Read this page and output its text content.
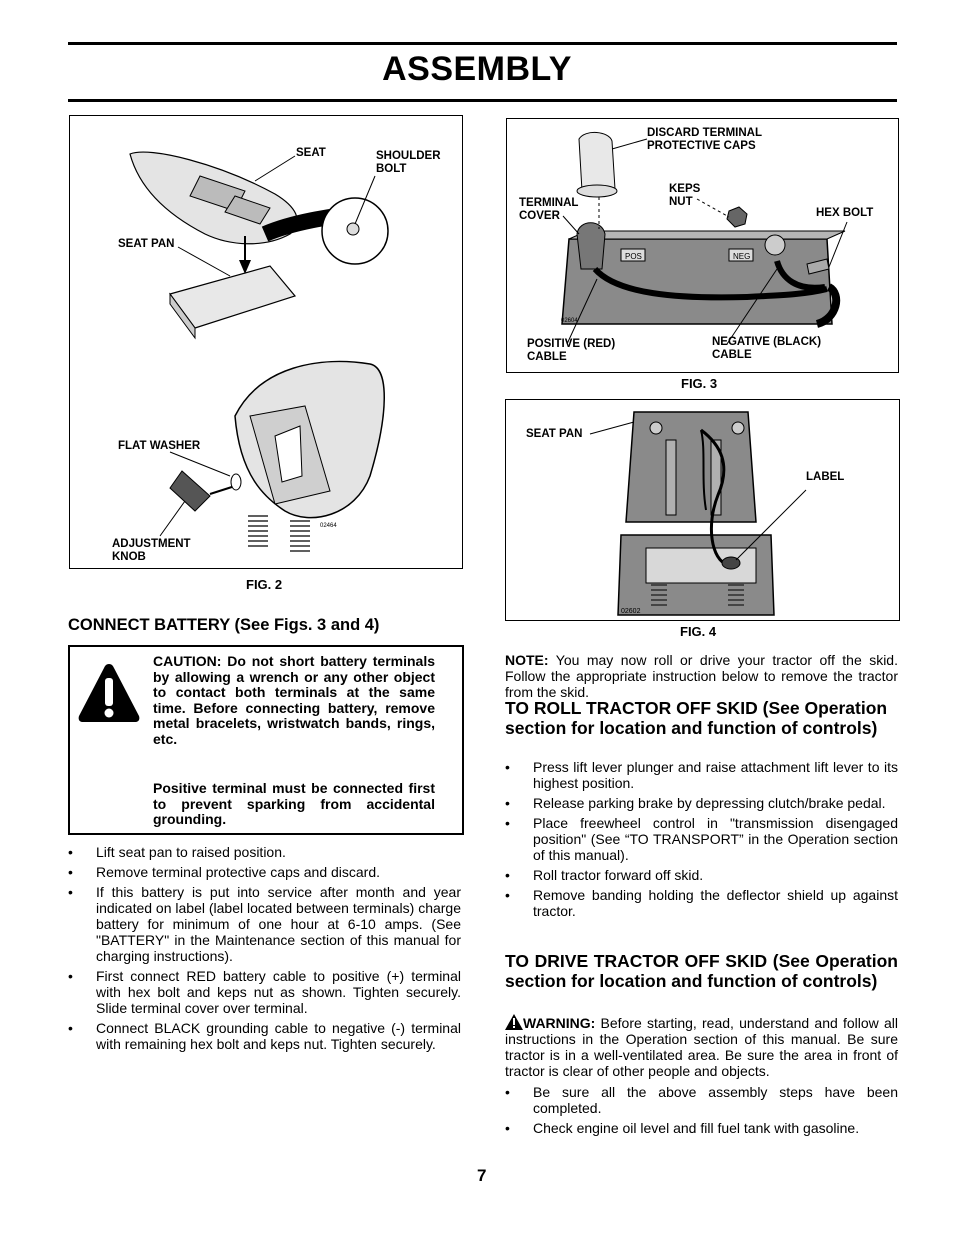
ASSEMBLY
SEAT	SHOULDER
BOLT
SEAT PAN
FLAT WASHER
ADJUSTMENT
KNOB
02464
FIG. 2
DISCARD TERMINAL
PROTECTIVE CAPS
KEPS
NUT
TERMINAL
COVER	HEX BOLT
POSITIVE (RED)
CABLE
NEGATIVE (BLACK)
CABLE
POS	NEG
02604
FIG. 3
SEAT PAN
LABEL
02602
FIG. 4
CONNECT BATTERY (See Figs. 3 and 4)
CAUTION: Do not short battery terminals by allowing a wrench or any other object to contact both terminals at the same time. Before connecting battery, remove metal bracelets, wristwatch bands, rings, etc.
Positive terminal must be connected first to prevent sparking from accidental grounding.
• Lift seat pan to raised position.
• Remove terminal protective caps and discard.
• If this battery is put into service after month and year indicated on label (label located between terminals) charge battery for minimum of one hour at 6-10 amps. (See "BATTERY" in the Maintenance section of this manual for charging instructions).
• First connect RED battery cable to positive (+) terminal with hex bolt and keps nut as shown. Tighten securely. Slide terminal cover over terminal.
• Connect BLACK grounding cable to negative (-) terminal with remaining hex bolt and keps nut. Tighten securely.
NOTE: You may now roll or drive your tractor off the skid. Follow the appropriate instruction below to remove the tractor from the skid.
TO ROLL TRACTOR OFF SKID (See Operation section for location and function of controls)
• Press lift lever plunger and raise attachment lift lever to its highest position.
• Release parking brake by depressing clutch/brake pedal.
• Place freewheel control in "transmission disengaged position" (See “TO TRANSPORT” in the Operation section of this manual).
• Roll tractor forward off skid.
• Remove banding holding the deflector shield up against tractor.
TO DRIVE TRACTOR OFF SKID (See Operation section for location and function of controls)
WARNING: Before starting, read, understand and follow all instructions in the Operation section of this manual. Be sure tractor is in a well-ventilated area. Be sure the area in front of tractor is clear of other people and objects.
• Be sure all the above assembly steps have been completed.
• Check engine oil level and fill fuel tank with gasoline.
7
